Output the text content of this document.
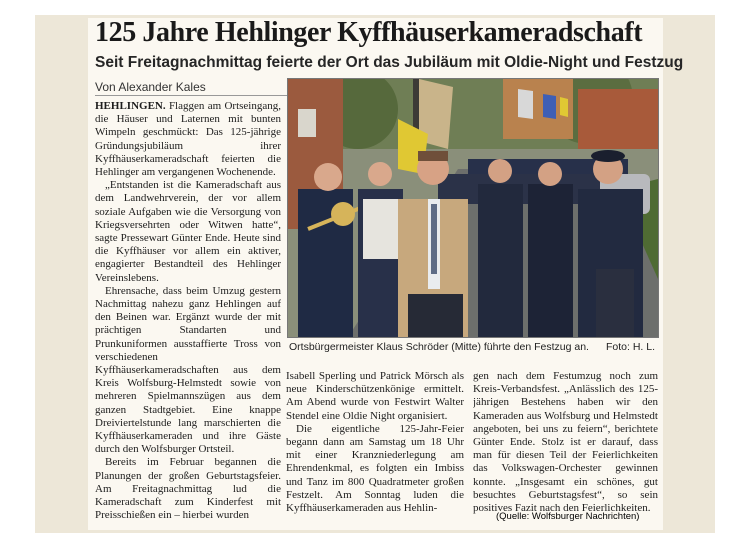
125 Jahre Hehlinger Kyffhäuserkameradschaft
Seit Freitagnachmittag feierte der Ort das Jubiläum mit Oldie-Night und Festzug
Von Alexander Kales

HEHLINGEN. Flaggen am Ortseingang, die Häuser und Laternen mit bunten Wimpeln geschmückt: Das 125-jährige Gründungsjubiläum ihrer Kyffhäuserkameradschaft feierten die Hehlinger am vergangenen Wochenende.

„Entstanden ist die Kameradschaft aus dem Landwehrverein, der vor allem soziale Aufgaben wie die Versorgung von Kriegsversehrten oder Witwen hatte“, sagte Pressewart Günter Ende. Heute sind die Kyffhäuser vor allem ein aktiver, engagierter Bestandteil des Hehlinger Vereinslebens.

Ehrensache, dass beim Umzug gestern Nachmittag nahezu ganz Hehlingen auf den Beinen war. Ergänzt wurde der mit prächtigen Standarten und Prunkuniformen ausstaffierte Tross von verschiedenen Kyffhäuserkameradschaften aus dem Kreis Wolfsburg-Helmstedt sowie von mehreren Spielmannszügen aus dem ganzen Stadtgebiet. Eine knappe Dreiviertelstunde lang marschierten die Kyffhäuserkameraden und ihre Gäste durch den Wolfsburger Ortsteil.

Bereits im Februar begannen die Planungen der großen Geburtstagsfeier. Am Freitagnachmittag lud die Kameradschaft zum Kinderfest mit Preisschießen ein – hierbei wurden

Ortsbürgermeister Klaus Schröder (Mitte) führte den Festzug an. Foto: H. L.

Isabell Sperling und Patrick Mörsch als neue Kinderschützenkönige ermittelt. Am Abend wurde von Festwirt Walter Stendel eine Oldie Night organisiert.

Die eigentliche 125-Jahr-Feier begann dann am Samstag um 18 Uhr mit einer Kranzniederlegung am Ehrendenkmal, es folgten ein Imbiss und Tanz im 800 Quadratmeter großen Festzelt. Am Sonntag luden die Kyffhäuserkameraden aus Hehlin-

gen nach dem Festumzug noch zum Kreis-Verbandsfest. „Anlässlich des 125-jährigen Bestehens haben wir den Kameraden aus Wolfsburg und Helmstedt angeboten, bei uns zu feiern“, berichtete Günter Ende. Stolz ist er darauf, dass man für diesen Teil der Feierlichkeiten das Volkswagen-Orchester gewinnen konnte. „Insgesamt ein schönes, gut besuchtes Geburtstagsfest“, so sein positives Fazit nach den Feierlichkeiten.

(Quelle: Wolfsburger Nachrichten)
